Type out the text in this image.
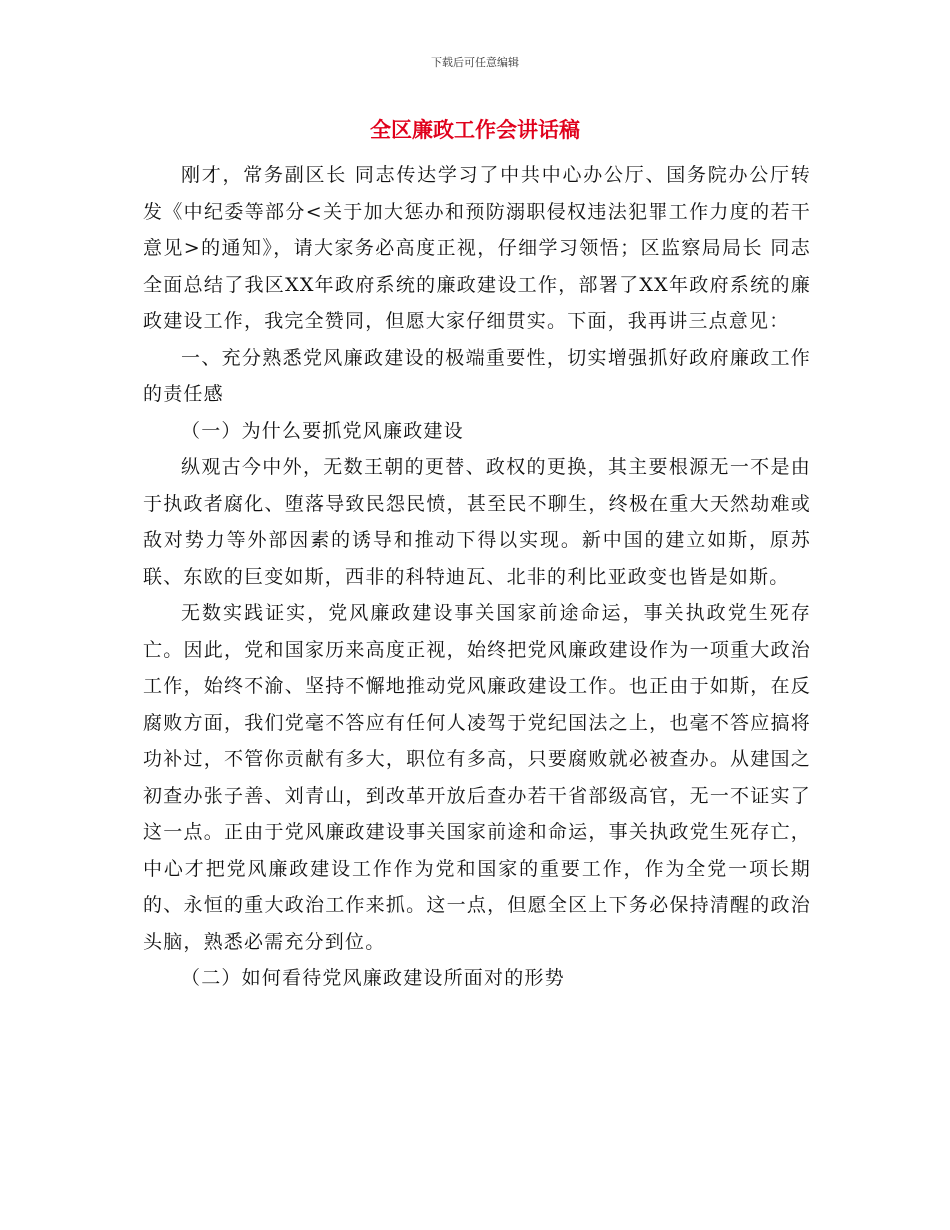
下载后可任意编辑
全区廉政工作会讲话稿

刚才，常务副区长 同志传达学习了中共中心办公厅、国务院办公厅转发《中纪委等部分<关于加大惩办和预防溺职侵权违法犯罪工作力度的若干意见>的通知》，请大家务必高度正视，仔细学习领悟；区监察局局长 同志全面总结了我区XX年政府系统的廉政建设工作，部署了XX年政府系统的廉政建设工作，我完全赞同，但愿大家仔细贯实。下面，我再讲三点意见：

一、充分熟悉党风廉政建设的极端重要性，切实增强抓好政府廉政工作的责任感

（一）为什么要抓党风廉政建设

纵观古今中外，无数王朝的更替、政权的更换，其主要根源无一不是由于执政者腐化、堕落导致民怨民愤，甚至民不聊生，终极在重大天然劫难或敌对势力等外部因素的诱导和推动下得以实现。新中国的建立如斯，原苏联、东欧的巨变如斯，西非的科特迪瓦、北非的利比亚政变也皆是如斯。

无数实践证实，党风廉政建设事关国家前途命运，事关执政党生死存亡。因此，党和国家历来高度正视，始终把党风廉政建设作为一项重大政治工作，始终不渝、坚持不懈地推动党风廉政建设工作。也正由于如斯，在反腐败方面，我们党毫不答应有任何人凌驾于党纪国法之上，也毫不答应搞将功补过，不管你贡献有多大，职位有多高，只要腐败就必被查办。从建国之初查办张子善、刘青山，到改革开放后查办若干省部级高官，无一不证实了这一点。正由于党风廉政建设事关国家前途和命运，事关执政党生死存亡，中心才把党风廉政建设工作作为党和国家的重要工作，作为全党一项长期的、永恒的重大政治工作来抓。这一点，但愿全区上下务必保持清醒的政治头脑，熟悉必需充分到位。

（二）如何看待党风廉政建设所面对的形势
